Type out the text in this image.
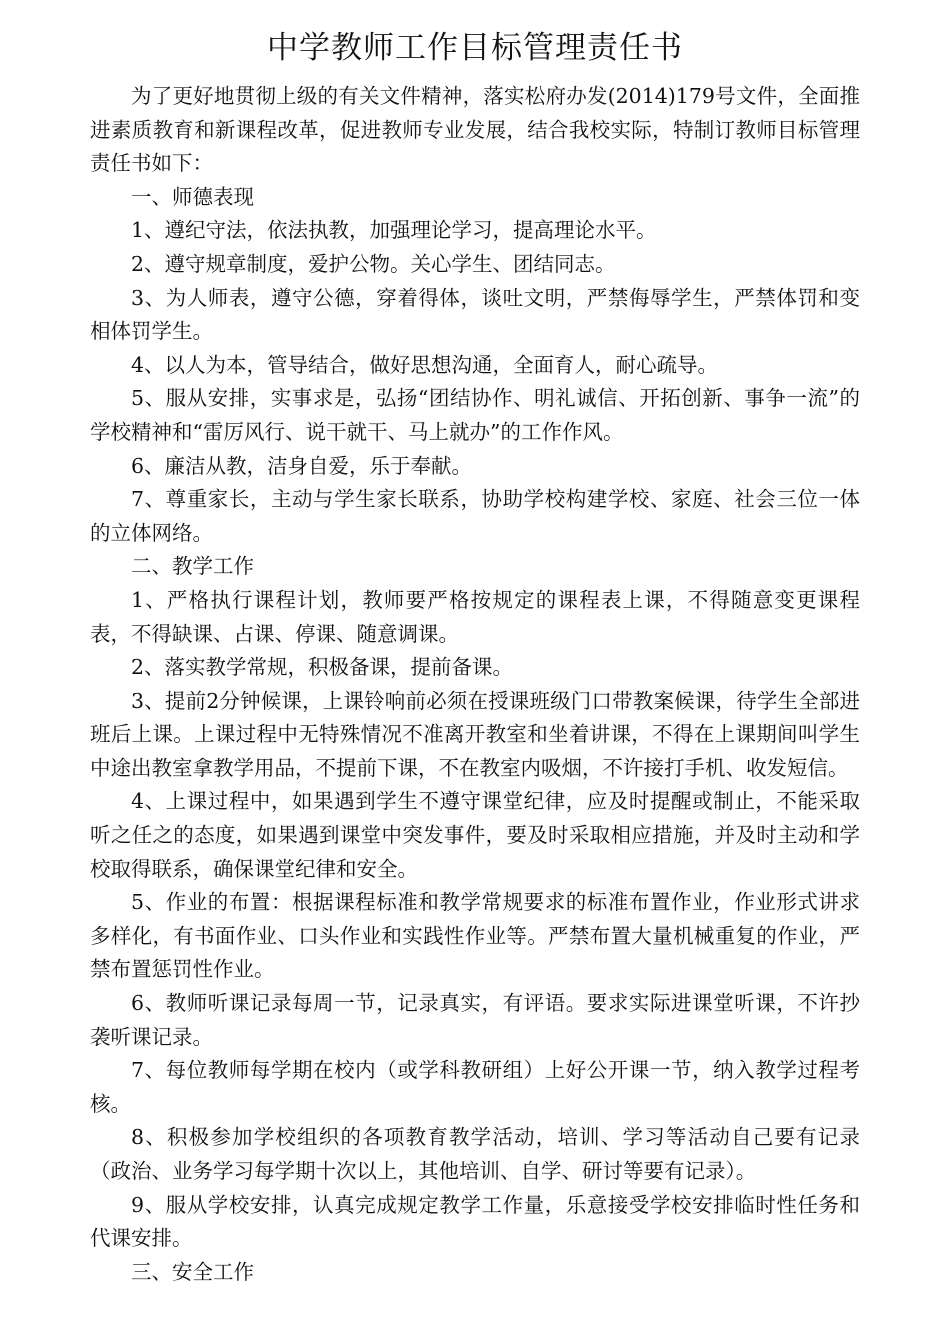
中学教师工作目标管理责任书

为了更好地贯彻上级的有关文件精神，落实松府办发(2014)179号文件，全面推进素质教育和新课程改革，促进教师专业发展，结合我校实际，特制订教师目标管理责任书如下：

一、师德表现

1、遵纪守法，依法执教，加强理论学习，提高理论水平。

2、遵守规章制度，爱护公物。关心学生、团结同志。

3、为人师表，遵守公德，穿着得体，谈吐文明，严禁侮辱学生，严禁体罚和变相体罚学生。

4、以人为本，管导结合，做好思想沟通，全面育人，耐心疏导。

5、服从安排，实事求是，弘扬“团结协作、明礼诚信、开拓创新、事争一流”的学校精神和“雷厉风行、说干就干、马上就办”的工作作风。

6、廉洁从教，洁身自爱，乐于奉献。

7、尊重家长，主动与学生家长联系，协助学校构建学校、家庭、社会三位一体的立体网络。

二、教学工作

1、严格执行课程计划，教师要严格按规定的课程表上课，不得随意变更课程表，不得缺课、占课、停课、随意调课。

2、落实教学常规，积极备课，提前备课。

3、提前2分钟候课，上课铃响前必须在授课班级门口带教案候课，待学生全部进班后上课。上课过程中无特殊情况不准离开教室和坐着讲课，不得在上课期间叫学生中途出教室拿教学用品，不提前下课，不在教室内吸烟，不许接打手机、收发短信。

4、上课过程中，如果遇到学生不遵守课堂纪律，应及时提醒或制止，不能采取听之任之的态度，如果遇到课堂中突发事件，要及时采取相应措施，并及时主动和学校取得联系，确保课堂纪律和安全。

5、作业的布置：根据课程标准和教学常规要求的标准布置作业，作业形式讲求多样化，有书面作业、口头作业和实践性作业等。严禁布置大量机械重复的作业，严禁布置惩罚性作业。

6、教师听课记录每周一节，记录真实，有评语。要求实际进课堂听课，不许抄袭听课记录。

7、每位教师每学期在校内（或学科教研组）上好公开课一节，纳入教学过程考核。

8、积极参加学校组织的各项教育教学活动，培训、学习等活动自己要有记录（政治、业务学习每学期十次以上，其他培训、自学、研讨等要有记录）。

9、服从学校安排，认真完成规定教学工作量，乐意接受学校安排临时性任务和代课安排。

三、安全工作
